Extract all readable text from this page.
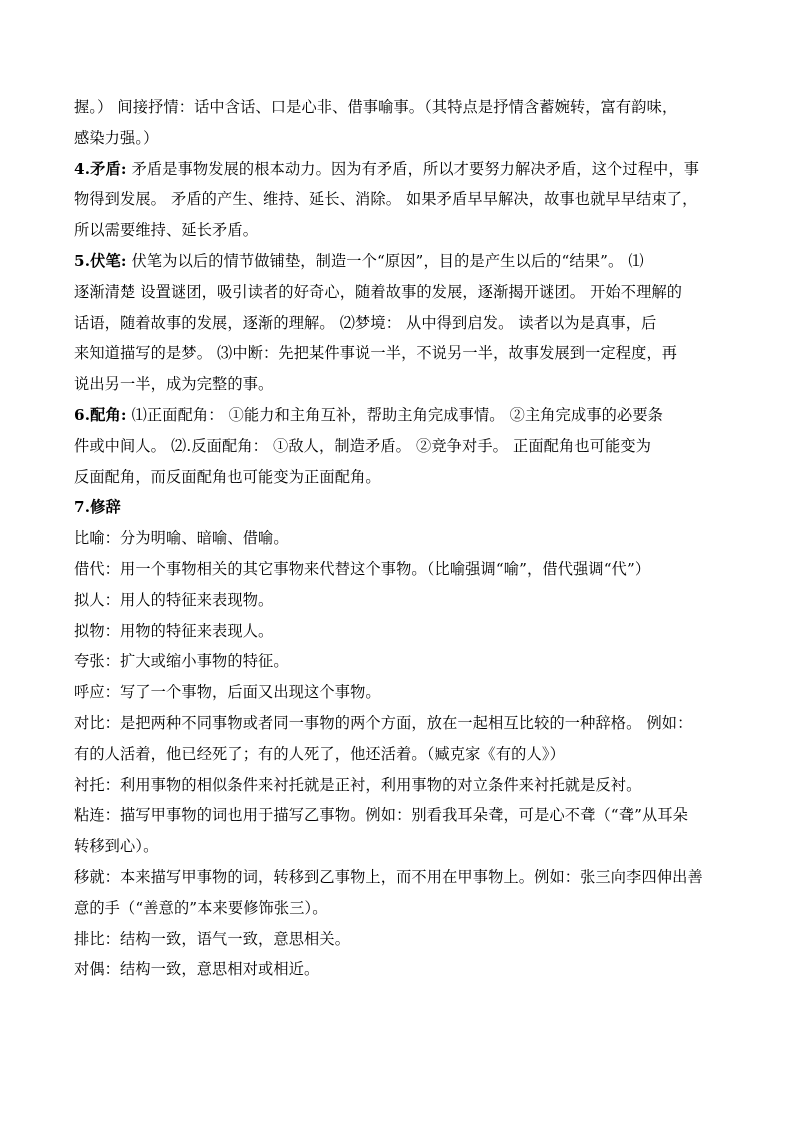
握。） 间接抒情：话中含话、口是心非、借事喻事。（其特点是抒情含蓄婉转，富有韵味，
感染力强。）
4.矛盾: 矛盾是事物发展的根本动力。因为有矛盾，所以才要努力解决矛盾，这个过程中，事
物得到发展。 矛盾的产生、维持、延长、消除。 如果矛盾早早解决，故事也就早早结束了，
所以需要维持、延长矛盾。
5.伏笔: 伏笔为以后的情节做铺垫，制造一个“原因”，目的是产生以后的“结果”。 ⑴
逐渐清楚 设置谜团，吸引读者的好奇心，随着故事的发展，逐渐揭开谜团。 开始不理解的
话语，随着故事的发展，逐渐的理解。 ⑵梦境： 从中得到启发。 读者以为是真事，后
来知道描写的是梦。 ⑶中断：先把某件事说一半，不说另一半，故事发展到一定程度，再
说出另一半，成为完整的事。
6.配角: ⑴正面配角： ①能力和主角互补，帮助主角完成事情。 ②主角完成事的必要条
件或中间人。 ⑵.反面配角： ①敌人，制造矛盾。 ②竞争对手。 正面配角也可能变为
反面配角，而反面配角也可能变为正面配角。
7.修辞
比喻：分为明喻、暗喻、借喻。
借代：用一个事物相关的其它事物来代替这个事物。（比喻强调“喻”，借代强调“代”）
拟人：用人的特征来表现物。
拟物：用物的特征来表现人。
夸张：扩大或缩小事物的特征。
呼应：写了一个事物，后面又出现这个事物。
对比：是把两种不同事物或者同一事物的两个方面，放在一起相互比较的一种辞格。 例如：
有的人活着，他已经死了；有的人死了，他还活着。（臧克家《有的人》）
衬托：利用事物的相似条件来衬托就是正衬，利用事物的对立条件来衬托就是反衬。
粘连：描写甲事物的词也用于描写乙事物。例如：别看我耳朵聋，可是心不聋（“聋”从耳朵
转移到心）。
移就：本来描写甲事物的词，转移到乙事物上，而不用在甲事物上。例如：张三向李四伸出善
意的手（“善意的”本来要修饰张三）。
排比：结构一致，语气一致，意思相关。
对偶：结构一致，意思相对或相近。
